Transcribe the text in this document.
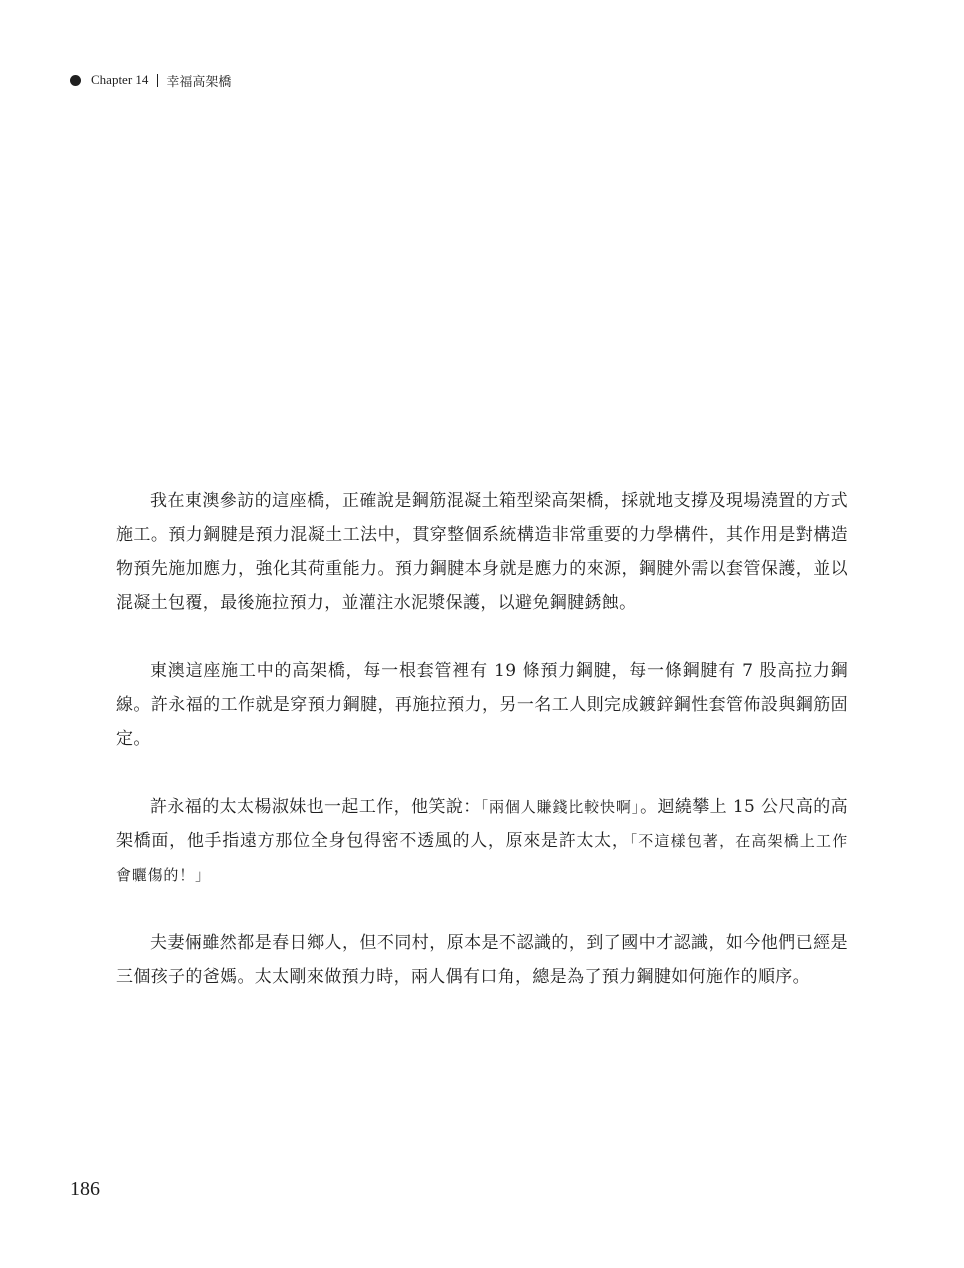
Chapter 14 幸福高架橋

我在東澳參訪的這座橋，正確說是鋼筋混凝土箱型梁高架橋，採就地支撐及現場澆置的方式施工。預力鋼腱是預力混凝土工法中，貫穿整個系統構造非常重要的力學構件，其作用是對構造物預先施加應力，強化其荷重能力。預力鋼腱本身就是應力的來源，鋼腱外需以套管保護，並以混凝土包覆，最後施拉預力，並灌注水泥漿保護，以避免鋼腱銹蝕。

東澳這座施工中的高架橋，每一根套管裡有 19 條預力鋼腱，每一條鋼腱有 7 股高拉力鋼線。許永福的工作就是穿預力鋼腱，再施拉預力，另一名工人則完成鍍鋅鋼性套管佈設與鋼筋固定。

許永福的太太楊淑妹也一起工作，他笑說：「兩個人賺錢比較快啊」。迴繞攀上 15 公尺高的高架橋面，他手指遠方那位全身包得密不透風的人，原來是許太太，「不這樣包著，在高架橋上工作會曬傷的！」

夫妻倆雖然都是春日鄉人，但不同村，原本是不認識的，到了國中才認識，如今他們已經是三個孩子的爸媽。太太剛來做預力時，兩人偶有口角，總是為了預力鋼腱如何施作的順序。

186
